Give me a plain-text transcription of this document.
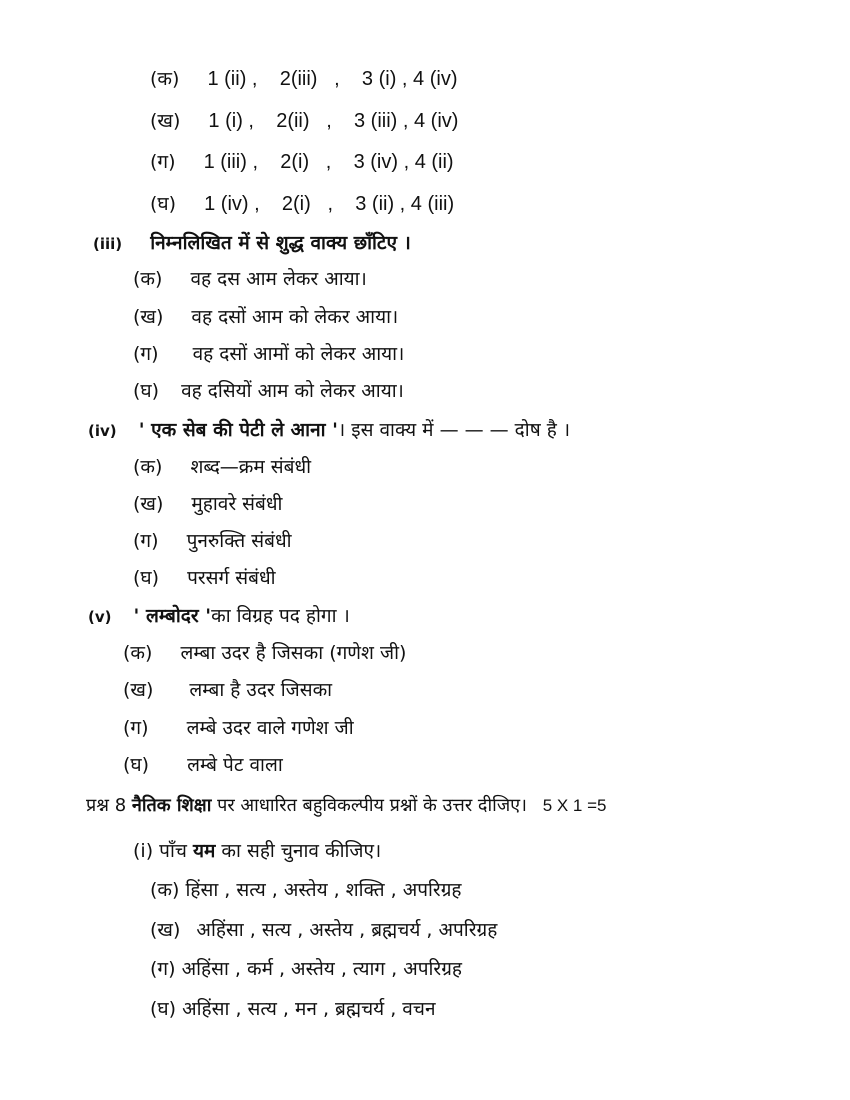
(क) 1 (ii) ,    2(iii)   ,    3 (i) , 4 (iv)
(ख) 1 (i) ,    2(ii)   ,    3 (iii) , 4 (iv)
(ग) 1 (iii) ,    2(i)   ,    3 (iv) , 4 (ii)
(घ) 1 (iv) ,    2(i)   ,    3 (ii) , 4 (iii)
(iii) निम्नलिखित में से शुद्ध वाक्य छाँटिए ।
(क) वह दस आम लेकर आया।
(ख) वह दसों आम को लेकर आया।
(ग) वह दसों आमों को लेकर आया।
(घ) वह दसियों आम को लेकर आया।
(iv) ' एक सेब की पेटी ले आना '। इस वाक्य में — — — दोष है ।
(क) शब्द—क्रम संबंधी
(ख) मुहावरे संबंधी
(ग) पुनरुक्ति संबंधी
(घ) परसर्ग संबंधी
(v) ' लम्बोदर 'का विग्रह पद होगा ।
(क) लम्बा उदर है जिसका (गणेश जी)
(ख) लम्बा है उदर जिसका
(ग) लम्बे उदर वाले गणेश जी
(घ) लम्बे पेट वाला
प्रश्न 8 नैतिक शिक्षा पर आधारित बहुविकल्पीय प्रश्नों के उत्तर दीजिए। 5 X 1 =5
(i) पाँच यम का सही चुनाव कीजिए।
(क) हिंसा , सत्य , अस्तेय , शक्ति , अपरिग्रह
(ख) अहिंसा , सत्य , अस्तेय , ब्रह्मचर्य , अपरिग्रह
(ग) अहिंसा , कर्म , अस्तेय , त्याग , अपरिग्रह
(घ) अहिंसा , सत्य , मन , ब्रह्मचर्य , वचन
